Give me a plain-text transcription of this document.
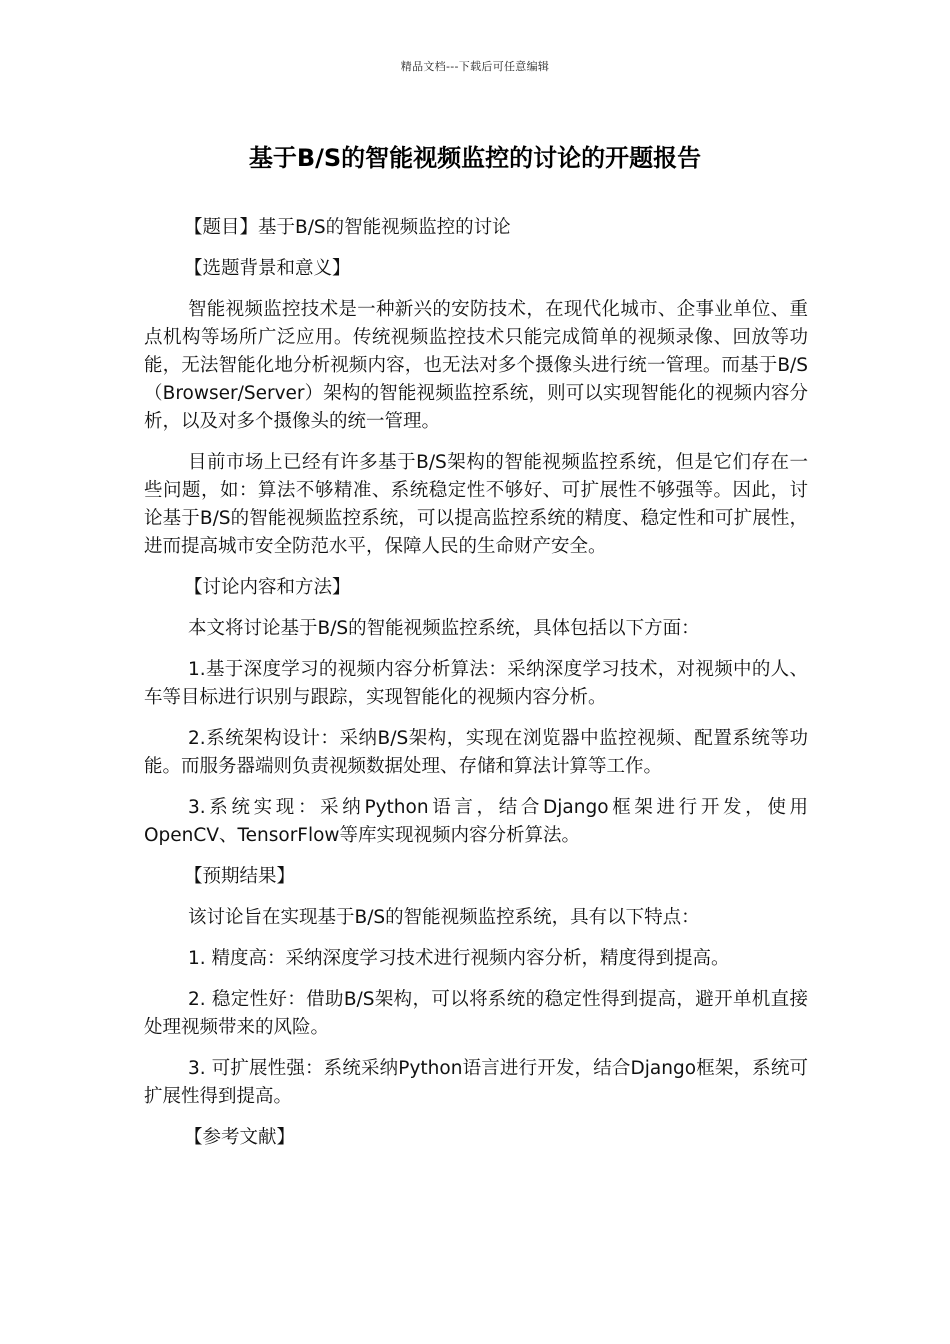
精品文档---下载后可任意编辑
基于B/S的智能视频监控的讨论的开题报告

【题目】基于B/S的智能视频监控的讨论

【选题背景和意义】

智能视频监控技术是一种新兴的安防技术，在现代化城市、企事业单位、重点机构等场所广泛应用。传统视频监控技术只能完成简单的视频录像、回放等功能，无法智能化地分析视频内容，也无法对多个摄像头进行统一管理。而基于B/S（Browser/Server）架构的智能视频监控系统，则可以实现智能化的视频内容分析，以及对多个摄像头的统一管理。

目前市场上已经有许多基于B/S架构的智能视频监控系统，但是它们存在一些问题，如：算法不够精准、系统稳定性不够好、可扩展性不够强等。因此，讨论基于B/S的智能视频监控系统，可以提高监控系统的精度、稳定性和可扩展性，进而提高城市安全防范水平，保障人民的生命财产安全。

【讨论内容和方法】

本文将讨论基于B/S的智能视频监控系统，具体包括以下方面：

1.基于深度学习的视频内容分析算法：采纳深度学习技术，对视频中的人、车等目标进行识别与跟踪，实现智能化的视频内容分析。

2.系统架构设计：采纳B/S架构，实现在浏览器中监控视频、配置系统等功能。而服务器端则负责视频数据处理、存储和算法计算等工作。

3.系统实现：采纳Python语言，结合Django框架进行开发，使用OpenCV、TensorFlow等库实现视频内容分析算法。

【预期结果】

该讨论旨在实现基于B/S的智能视频监控系统，具有以下特点：

1. 精度高：采纳深度学习技术进行视频内容分析，精度得到提高。

2. 稳定性好：借助B/S架构，可以将系统的稳定性得到提高，避开单机直接处理视频带来的风险。

3. 可扩展性强：系统采纳Python语言进行开发，结合Django框架，系统可扩展性得到提高。

【参考文献】
